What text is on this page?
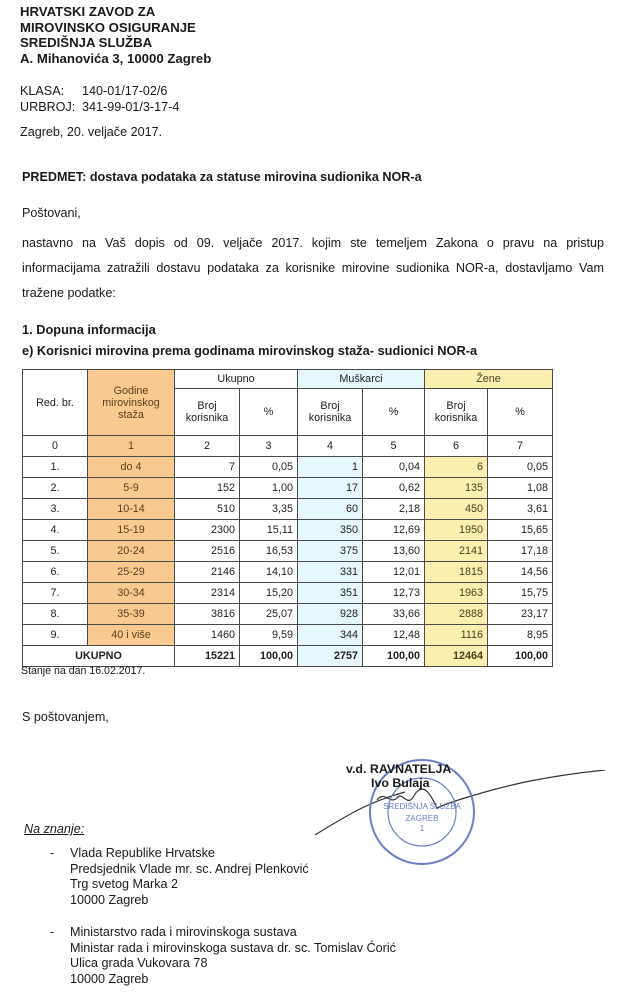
HRVATSKI ZAVOD ZA
MIROVINSKO OSIGURANJE
SREDIŠNJA SLUŽBA
A. Mihanovića 3, 10000 Zagreb
KLASA: 140-01/17-02/6
URBROJ: 341-99-01/3-17-4
Zagreb, 20. veljače 2017.
PREDMET: dostava podataka za statuse mirovina sudionika NOR-a
Poštovani,
nastavno na Vaš dopis od 09. veljače 2017. kojim ste temeljem Zakona o pravu na pristup informacijama zatražili dostavu podataka za korisnike mirovine sudionika NOR-a, dostavljamo Vam tražene podatke:
1. Dopuna informacija
e) Korisnici mirovina prema godinama mirovinskog staža- sudionici NOR-a
Red. br.	Godine mirovinskog staža	Ukupno		Muškarci		Žene	
		Broj korisnika	%	Broj korisnika	%	Broj korisnika	%
0	1	2	3	4	5	6	7
1.	do 4	7	0,05	1	0,04	6	0,05
2.	5-9	152	1,00	17	0,62	135	1,08
3.	10-14	510	3,35	60	2,18	450	3,61
4.	15-19	2300	15,11	350	12,69	1950	15,65
5.	20-24	2516	16,53	375	13,60	2141	17,18
6.	25-29	2146	14,10	331	12,01	1815	14,56
7.	30-34	2314	15,20	351	12,73	1963	15,75
8.	35-39	3816	25,07	928	33,66	2888	23,17
9.	40 i više	1460	9,59	344	12,48	1116	8,95
UKUPNO		15221	100,00	2757	100,00	12464	100,00
Stanje na dan 16.02.2017.
S poštovanjem,
SREDIŠNJA SLUŽBA
ZAGREB
1
v.d. RAVNATELJA
Ivo Bulaja
Na znanje:
- Vlada Republike Hrvatske
Predsjednik Vlade mr. sc. Andrej Plenković
Trg svetog Marka 2
10000 Zagreb
- Ministarstvo rada i mirovinskoga sustava
Ministar rada i mirovinskoga sustava dr. sc. Tomislav Ćorić
Ulica grada Vukovara 78
10000 Zagreb
